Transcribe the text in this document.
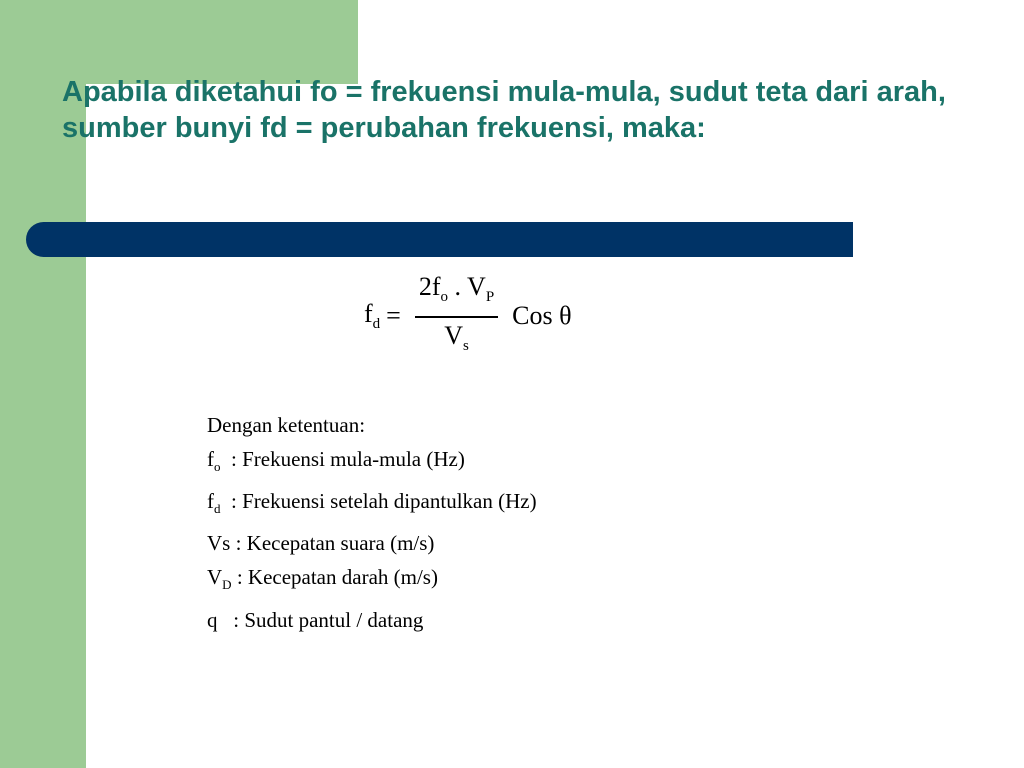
Apabila diketahui fo = frekuensi mula-mula, sudut teta dari arah, sumber bunyi fd = perubahan frekuensi, maka:
$f_d = \frac{2f_o . V_P}{V_s}$ Cos θ
Dengan ketentuan:
$f_o$  : Frekuensi mula-mula (Hz)
$f_d$  : Frekuensi setelah dipantulkan (Hz)
Vs : Kecepatan suara (m/s)
$V_D$ : Kecepatan darah (m/s)
q   : Sudut pantul / datang
